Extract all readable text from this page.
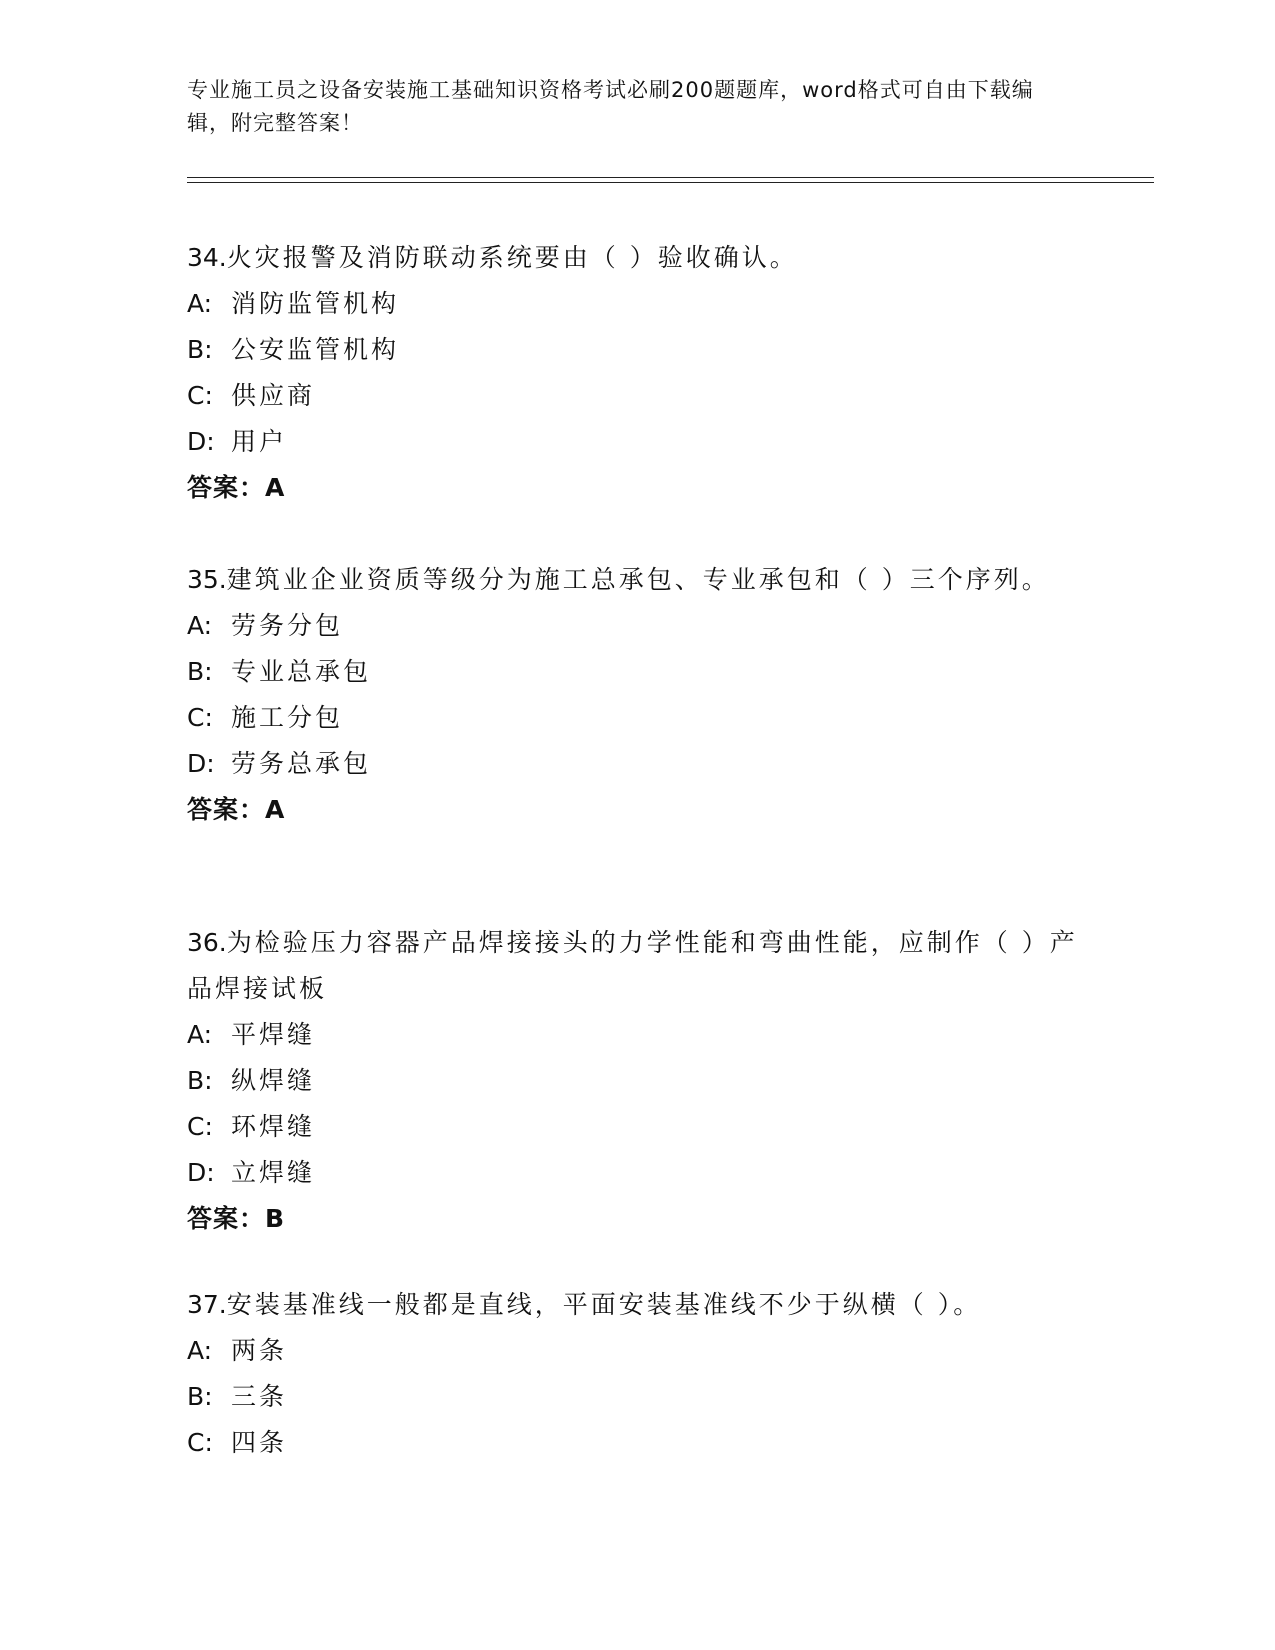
专业施工员之设备安装施工基础知识资格考试必刷200题题库，word格式可自由下载编辑，附完整答案！
34.火灾报警及消防联动系统要由（ ）验收确认。
A: 消防监管机构
B: 公安监管机构
C: 供应商
D: 用户
答案：A
35.建筑业企业资质等级分为施工总承包、专业承包和（ ）三个序列。
A: 劳务分包
B: 专业总承包
C: 施工分包
D: 劳务总承包
答案：A
36.为检验压力容器产品焊接接头的力学性能和弯曲性能，应制作（ ）产品焊接试板
A: 平焊缝
B: 纵焊缝
C: 环焊缝
D: 立焊缝
答案：B
37.安装基准线一般都是直线，平面安装基准线不少于纵横（ ）。
A: 两条
B: 三条
C: 四条
